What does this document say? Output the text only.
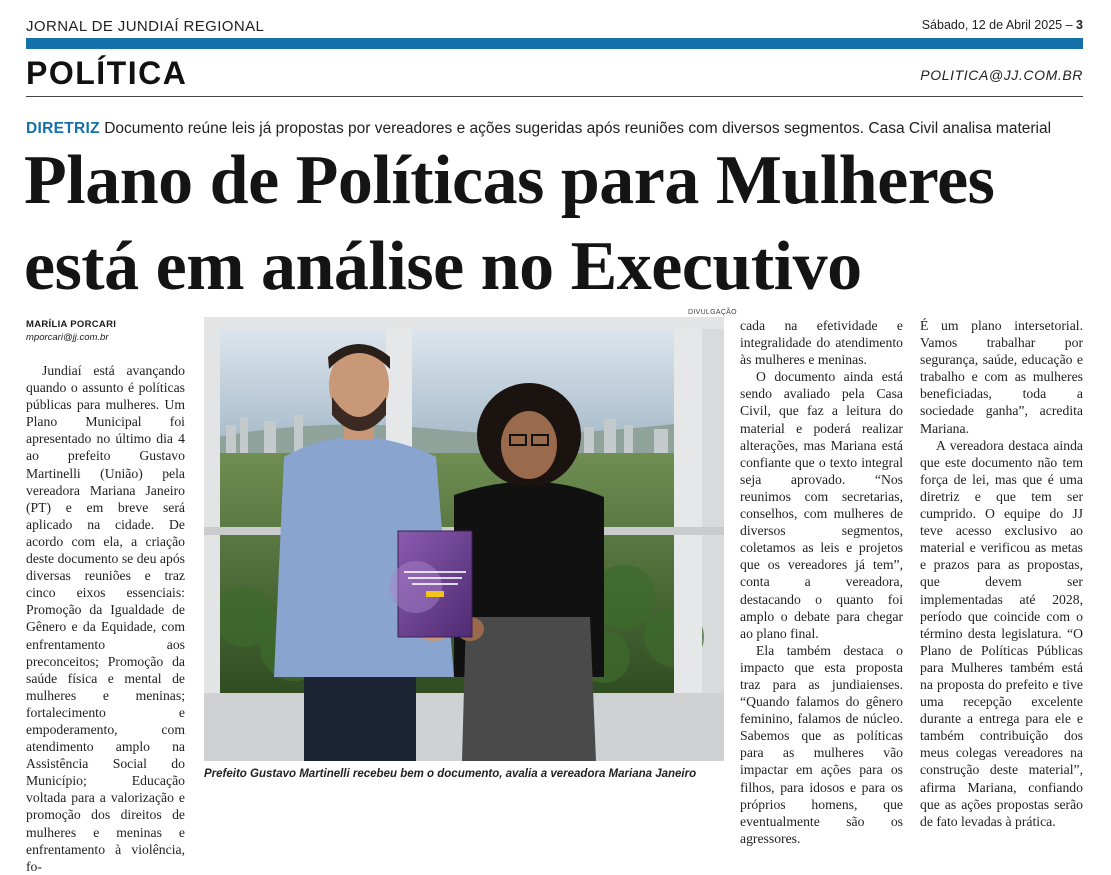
JORNAL DE JUNDIAÍ REGIONAL	Sábado, 12 de Abril 2025 – 3
POLÍTICA	POLITICA@JJ.COM.BR
DIRETRIZ Documento reúne leis já propostas por vereadores e ações sugeridas após reuniões com diversos segmentos. Casa Civil analisa material
Plano de Políticas para Mulheres
está em análise no Executivo
MARÍLIA PORCARI
mporcari@jj.com.br

Jundiaí está avançando quando o assunto é políticas públicas para mulheres. Um Plano Municipal foi apresentado no último dia 4 ao prefeito Gustavo Martinelli (União) pela vereadora Mariana Janeiro (PT) e em breve será aplicado na cidade. De acordo com ela, a criação deste documento se deu após diversas reuniões e traz cinco eixos essenciais: Promoção da Igualdade de Gênero e da Equidade, com enfrentamento aos preconceitos; Promoção da saúde física e mental de mulheres e meninas; fortalecimento e empoderamento, com atendimento amplo na Assistência Social do Município; Educação voltada para a valorização e promoção dos direitos de mulheres e meninas e enfrentamento à violência, fo-

DIVULGAÇÃO
Prefeito Gustavo Martinelli recebeu bem o documento, avalia a vereadora Mariana Janeiro

cada na efetividade e integralidade do atendimento às mulheres e meninas.

O documento ainda está sendo avaliado pela Casa Civil, que faz a leitura do material e poderá realizar alterações, mas Mariana está confiante que o texto integral seja aprovado. “Nos reunimos com secretarias, conselhos, com mulheres de diversos segmentos, coletamos as leis e projetos que os vereadores já tem”, conta a vereadora, destacando o quanto foi amplo o debate para chegar ao plano final.

Ela também destaca o impacto que esta proposta traz para as jundiaienses. “Quando falamos do gênero feminino, falamos de núcleo. Sabemos que as políticas para as mulheres vão impactar em ações para os filhos, para idosos e para os próprios homens, que eventualmente são os agressores.

É um plano intersetorial. Vamos trabalhar por segurança, saúde, educação e trabalho e com as mulheres beneficiadas, toda a sociedade ganha”, acredita Mariana.

A vereadora destaca ainda que este documento não tem força de lei, mas que é uma diretriz e que tem ser cumprido. O equipe do JJ teve acesso exclusivo ao material e verificou as metas e prazos para as propostas, que devem ser implementadas até 2028, período que coincide com o término desta legislatura. “O Plano de Políticas Públicas para Mulheres também está na proposta do prefeito e tive uma recepção excelente durante a entrega para ele e também contribuição dos meus colegas vereadores na construção deste material”, afirma Mariana, confiando que as ações propostas serão de fato levadas à prática.
